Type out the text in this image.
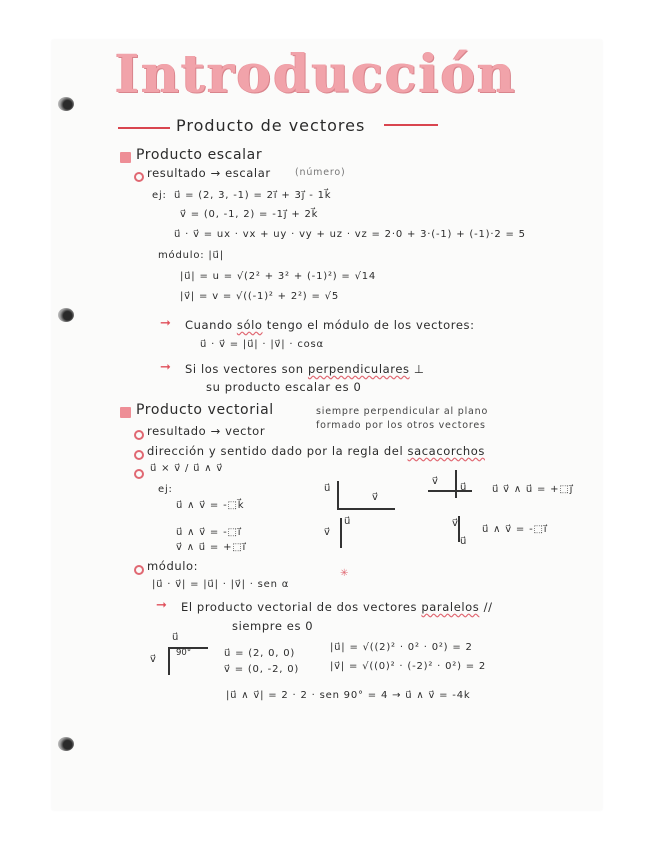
Introducción
Producto de vectores
Producto escalar
resultado → escalar	(número)
ej: u⃗ = (2, 3, -1) = 2i⃗ + 3j⃗ - 1k⃗
v⃗ = (0, -1, 2) = -1j⃗ + 2k⃗
u⃗ · v⃗ = ux · vx + uy · vy + uz · vz = 2·0 + 3·(-1) + (-1)·2 = 5
módulo: |u⃗|
|u⃗| = u = √(2² + 3² + (-1)²) = √14
|v⃗| = v = √((-1)² + 2²) = √5
➞ Cuando sólo tengo el módulo de los vectores:
u⃗ · v⃗ = |u⃗| · |v⃗| · cosα
➞ Si los vectores son perpendiculares ⊥
su producto escalar es 0
Producto vectorial	siempre perpendicular al plano
formado por los otros vectores
resultado → vector
dirección y sentido dado por la regla del sacacorchos
u⃗ × v⃗ / u⃗ ∧ v⃗
ej:
u⃗ ∧ v⃗ = -⬚k⃗
u⃗ ∧ v⃗ = -⬚i⃗
v⃗ ∧ u⃗ = +⬚i⃗
u⃗ v⃗ ∧ u⃗ = +⬚j⃗
u⃗ ∧ v⃗ = -⬚i⃗
u⃗
v⃗
v⃗
u⃗
v⃗
u⃗
v⃗
u⃗
módulo:
|u⃗ · v⃗| = |u⃗| · |v⃗| · sen α
✳
➞ El producto vectorial de dos vectores paralelos //
siempre es 0
u⃗
v⃗
90°	u⃗ = (2, 0, 0)
v⃗ = (0, -2, 0)
|u⃗| = √((2)² · 0² · 0²) = 2
|v⃗| = √((0)² · (-2)² · 0²) = 2
|u⃗ ∧ v⃗| = 2 · 2 · sen 90° = 4 → u⃗ ∧ v⃗ = -4k
